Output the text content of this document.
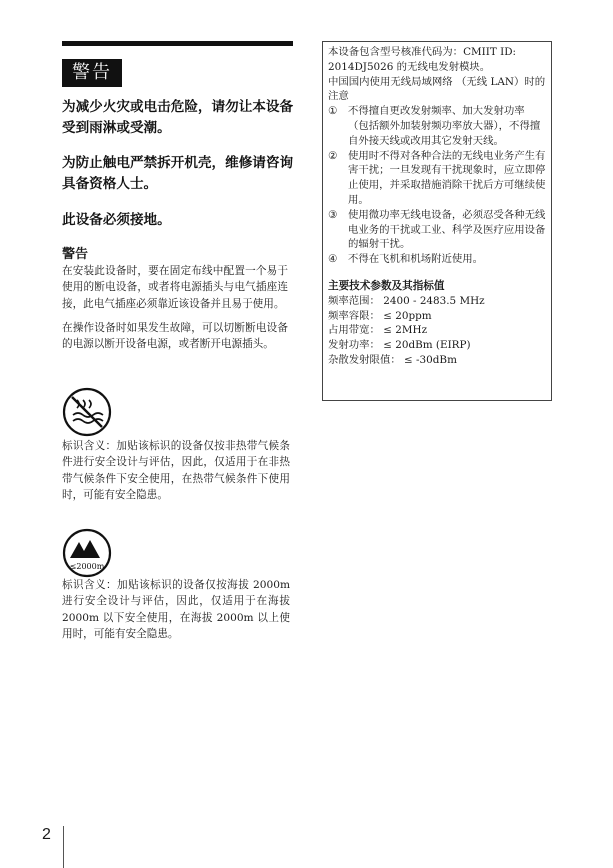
警告
为减少火灾或电击危险，请勿让本设备受到雨淋或受潮。
为防止触电严禁拆开机壳，维修请咨询具备资格人士。
此设备必须接地。
警告
在安装此设备时，要在固定布线中配置一个易于使用的断电设备，或者将电源插头与电气插座连接，此电气插座必须靠近该设备并且易于使用。
在操作设备时如果发生故障，可以切断断电设备的电源以断开设备电源，或者断开电源插头。
标识含义：加贴该标识的设备仅按非热带气候条件进行安全设计与评估，因此，仅适用于在非热带气候条件下安全使用，在热带气候条件下使用时，可能有安全隐患。
≤2000m
标识含义：加贴该标识的设备仅按海拔 2000m 进行安全设计与评估，因此，仅适用于在海拔 2000m 以下安全使用，在海拔 2000m 以上使用时，可能有安全隐患。

本设备包含型号核准代码为：CMIIT ID: 2014DJ5026 的无线电发射模块。

中国国内使用无线局域网络 （无线 LAN）时的注意

① 不得擅自更改发射频率、加大发射功率 （包括额外加装射频功率放大器），不得擅自外接天线或改用其它发射天线。
② 使用时不得对各种合法的无线电业务产生有害干扰；一旦发现有干扰现象时，应立即停止使用，并采取措施消除干扰后方可继续使用。
③ 使用微功率无线电设备，必须忍受各种无线电业务的干扰或工业、科学及医疗应用设备的辐射干扰。
④ 不得在飞机和机场附近使用。

主要技术参数及其指标值

频率范围： 2400 - 2483.5 MHz

频率容限： ≤ 20ppm

占用带宽： ≤ 2MHz

发射功率： ≤ 20dBm (EIRP)

杂散发射限值： ≤ -30dBm

2
